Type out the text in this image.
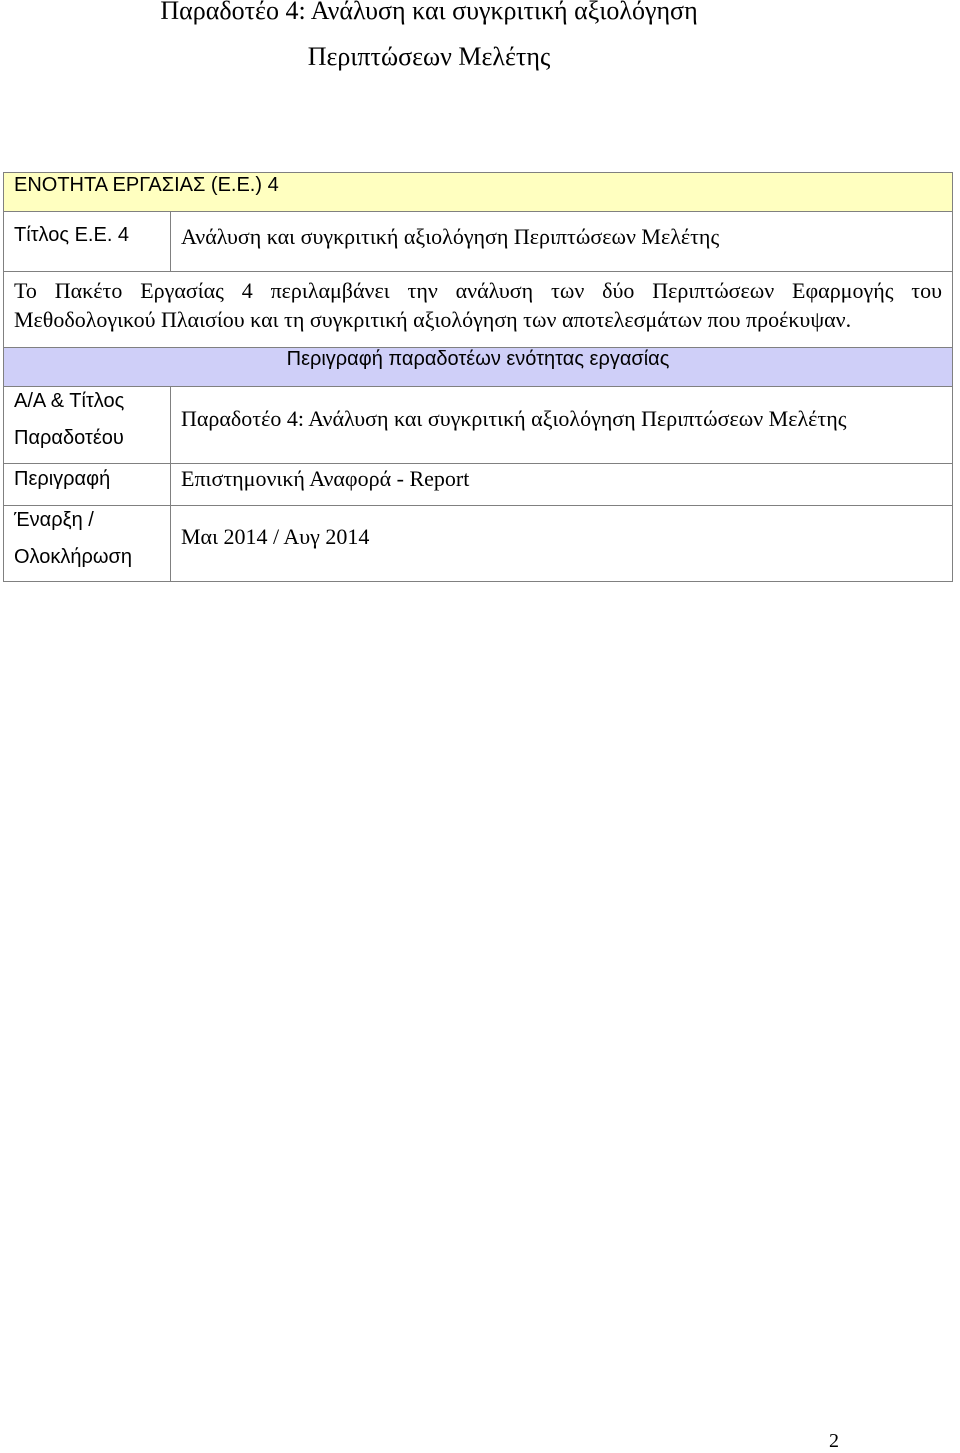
Παραδοτέο 4: Ανάλυση και συγκριτική αξιολόγηση
Περιπτώσεων Μελέτης
ΕΝΟΤΗΤΑ ΕΡΓΑΣΙΑΣ (Ε.Ε.) 4
Τίτλος Ε.Ε. 4 Ανάλυση και συγκριτική αξιολόγηση Περιπτώσεων Μελέτης
Το Πακέτο Εργασίας 4 περιλαμβάνει την ανάλυση των δύο Περιπτώσεων Εφαρμογής του Μεθοδολογικού Πλαισίου και τη συγκριτική αξιολόγηση των αποτελεσμάτων που προέκυψαν.
Περιγραφή παραδοτέων ενότητας εργασίας
Α/Α & Τίτλος
Παραδοτέου
Παραδοτέο 4: Ανάλυση και συγκριτική αξιολόγηση Περιπτώσεων Μελέτης
Περιγραφή	Επιστημονική Αναφορά - Report
Έναρξη /
Ολοκλήρωση
Μαι 2014 / Αυγ 2014
2
